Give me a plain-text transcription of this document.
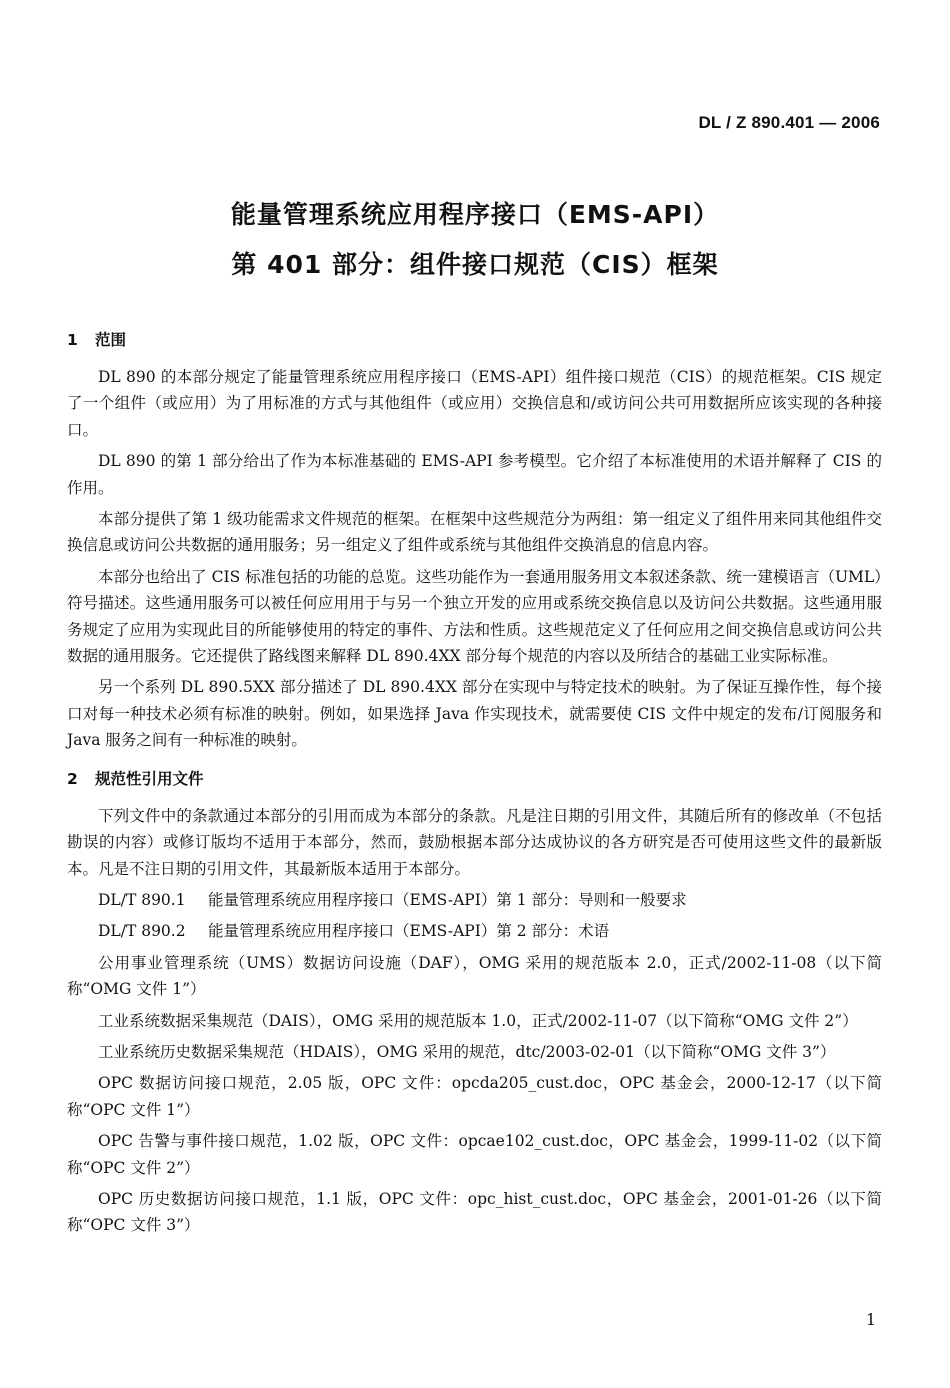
DL / Z 890.401 — 2006
能量管理系统应用程序接口（EMS-API）
第 401 部分：组件接口规范（CIS）框架
1 范围

DL 890 的本部分规定了能量管理系统应用程序接口（EMS-API）组件接口规范（CIS）的规范框架。CIS 规定了一个组件（或应用）为了用标准的方式与其他组件（或应用）交换信息和/或访问公共可用数据所应该实现的各种接口。

DL 890 的第 1 部分给出了作为本标准基础的 EMS-API 参考模型。它介绍了本标准使用的术语并解释了 CIS 的作用。

本部分提供了第 1 级功能需求文件规范的框架。在框架中这些规范分为两组：第一组定义了组件用来同其他组件交换信息或访问公共数据的通用服务；另一组定义了组件或系统与其他组件交换消息的信息内容。

本部分也给出了 CIS 标准包括的功能的总览。这些功能作为一套通用服务用文本叙述条款、统一建模语言（UML）符号描述。这些通用服务可以被任何应用用于与另一个独立开发的应用或系统交换信息以及访问公共数据。这些通用服务规定了应用为实现此目的所能够使用的特定的事件、方法和性质。这些规范定义了任何应用之间交换信息或访问公共数据的通用服务。它还提供了路线图来解释 DL 890.4XX 部分每个规范的内容以及所结合的基础工业实际标准。

另一个系列 DL 890.5XX 部分描述了 DL 890.4XX 部分在实现中与特定技术的映射。为了保证互操作性，每个接口对每一种技术必须有标准的映射。例如，如果选择 Java 作实现技术，就需要使 CIS 文件中规定的发布/订阅服务和 Java 服务之间有一种标准的映射。

2 规范性引用文件

下列文件中的条款通过本部分的引用而成为本部分的条款。凡是注日期的引用文件，其随后所有的修改单（不包括勘误的内容）或修订版均不适用于本部分，然而，鼓励根据本部分达成协议的各方研究是否可使用这些文件的最新版本。凡是不注日期的引用文件，其最新版本适用于本部分。

DL/T 890.1 能量管理系统应用程序接口（EMS-API）第 1 部分：导则和一般要求

DL/T 890.2 能量管理系统应用程序接口（EMS-API）第 2 部分：术语

公用事业管理系统（UMS）数据访问设施（DAF），OMG 采用的规范版本 2.0，正式/2002-11-08（以下简称“OMG 文件 1”）

工业系统数据采集规范（DAIS），OMG 采用的规范版本 1.0，正式/2002-11-07（以下简称“OMG 文件 2”）

工业系统历史数据采集规范（HDAIS），OMG 采用的规范，dtc/2003-02-01（以下简称“OMG 文件 3”）

OPC 数据访问接口规范，2.05 版，OPC 文件：opcda205_cust.doc，OPC 基金会，2000-12-17（以下简称“OPC 文件 1”）

OPC 告警与事件接口规范，1.02 版，OPC 文件：opcae102_cust.doc，OPC 基金会，1999-11-02（以下简称“OPC 文件 2”）

OPC 历史数据访问接口规范，1.1 版，OPC 文件：opc_hist_cust.doc，OPC 基金会，2001-01-26（以下简称“OPC 文件 3”）

1
